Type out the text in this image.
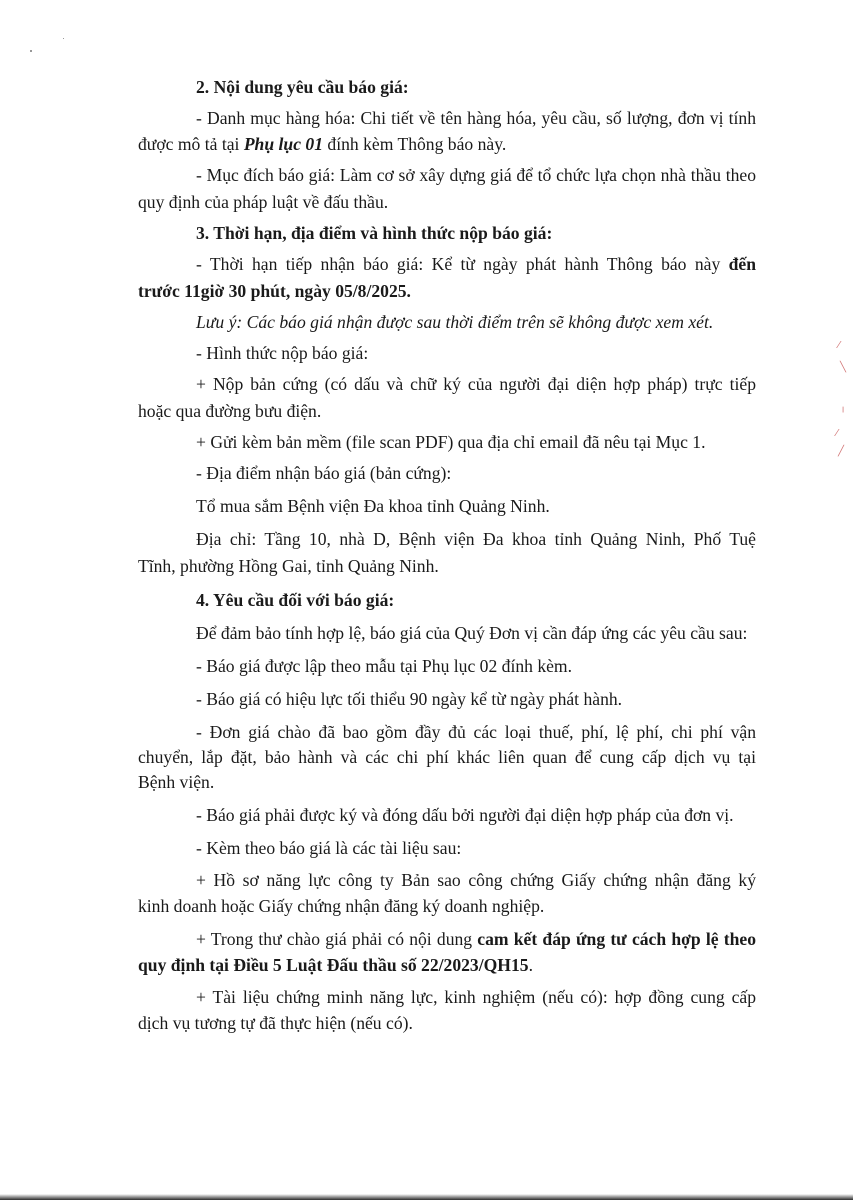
⁄
╲
╵
⁄
╱
2. Nội dung yêu cầu báo giá:
- Danh mục hàng hóa: Chi tiết về tên hàng hóa, yêu cầu, số lượng, đơn vị tính
được mô tả tại Phụ lục 01 đính kèm Thông báo này.
- Mục đích báo giá: Làm cơ sở xây dựng giá để tổ chức lựa chọn nhà thầu theo
quy định của pháp luật về đấu thầu.
3. Thời hạn, địa điểm và hình thức nộp báo giá:
- Thời hạn tiếp nhận báo giá: Kể từ ngày phát hành Thông báo này đến
trước 11giờ 30 phút, ngày 05/8/2025.
Lưu ý: Các báo giá nhận được sau thời điểm trên sẽ không được xem xét.
- Hình thức nộp báo giá:
+ Nộp bản cứng (có dấu và chữ ký của người đại diện hợp pháp) trực tiếp
hoặc qua đường bưu điện.
+ Gửi kèm bản mềm (file scan PDF) qua địa chỉ email đã nêu tại Mục 1.
- Địa điểm nhận báo giá (bản cứng):
Tổ mua sắm Bệnh viện Đa khoa tỉnh Quảng Ninh.
Địa chỉ: Tầng 10, nhà D, Bệnh viện Đa khoa tỉnh Quảng Ninh, Phố Tuệ
Tĩnh, phường Hồng Gai, tỉnh Quảng Ninh.
4. Yêu cầu đối với báo giá:
Để đảm bảo tính hợp lệ, báo giá của Quý Đơn vị cần đáp ứng các yêu cầu sau:
- Báo giá được lập theo mẫu tại Phụ lục 02 đính kèm.
- Báo giá có hiệu lực tối thiểu 90 ngày kể từ ngày phát hành.
- Đơn giá chào đã bao gồm đầy đủ các loại thuế, phí, lệ phí, chi phí vận
chuyển, lắp đặt, bảo hành và các chi phí khác liên quan để cung cấp dịch vụ tại
Bệnh viện.
- Báo giá phải được ký và đóng dấu bởi người đại diện hợp pháp của đơn vị.
- Kèm theo báo giá là các tài liệu sau:
+ Hồ sơ năng lực công ty Bản sao công chứng Giấy chứng nhận đăng ký
kinh doanh hoặc Giấy chứng nhận đăng ký doanh nghiệp.
+ Trong thư chào giá phải có nội dung cam kết đáp ứng tư cách hợp lệ theo
quy định tại Điều 5 Luật Đấu thầu số 22/2023/QH15.
+ Tài liệu chứng minh năng lực, kinh nghiệm (nếu có): hợp đồng cung cấp
dịch vụ tương tự đã thực hiện (nếu có).
